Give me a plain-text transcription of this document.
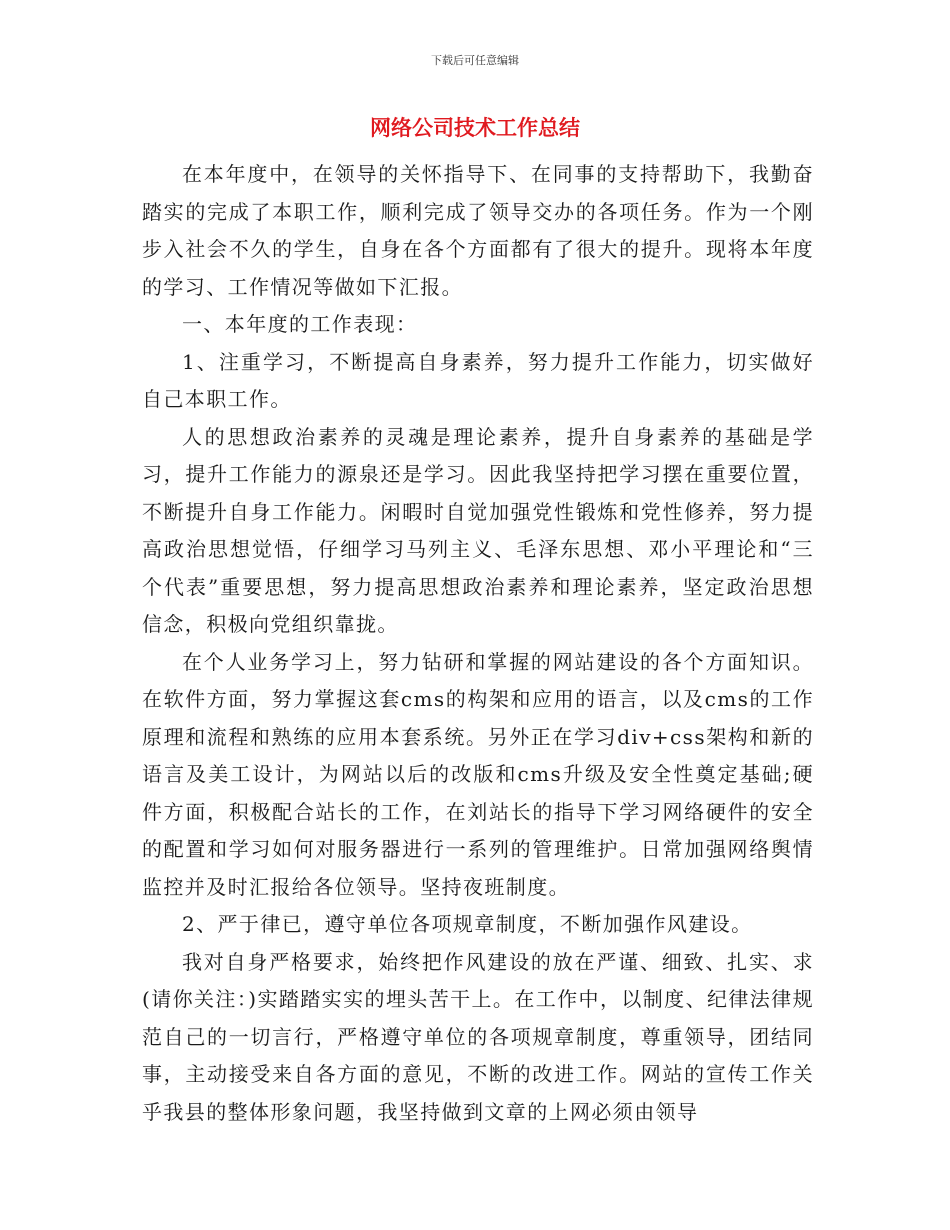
下载后可任意编辑
网络公司技术工作总结

在本年度中，在领导的关怀指导下、在同事的支持帮助下，我勤奋踏实的完成了本职工作，顺利完成了领导交办的各项任务。作为一个刚步入社会不久的学生，自身在各个方面都有了很大的提升。现将本年度的学习、工作情况等做如下汇报。

一、本年度的工作表现：

1、注重学习，不断提高自身素养，努力提升工作能力，切实做好自己本职工作。

人的思想政治素养的灵魂是理论素养，提升自身素养的基础是学习，提升工作能力的源泉还是学习。因此我坚持把学习摆在重要位置，不断提升自身工作能力。闲暇时自觉加强党性锻炼和党性修养，努力提高政治思想觉悟，仔细学习马列主义、毛泽东思想、邓小平理论和“三个代表”重要思想，努力提高思想政治素养和理论素养，坚定政治思想信念，积极向党组织靠拢。

在个人业务学习上，努力钻研和掌握的网站建设的各个方面知识。在软件方面，努力掌握这套cms的构架和应用的语言，以及cms的工作原理和流程和熟练的应用本套系统。另外正在学习div+css架构和新的语言及美工设计，为网站以后的改版和cms升级及安全性奠定基础;硬件方面，积极配合站长的工作，在刘站长的指导下学习网络硬件的安全的配置和学习如何对服务器进行一系列的管理维护。日常加强网络舆情监控并及时汇报给各位领导。坚持夜班制度。

2、严于律已，遵守单位各项规章制度，不断加强作风建设。

我对自身严格要求，始终把作风建设的放在严谨、细致、扎实、求(请你关注：)实踏踏实实的埋头苦干上。在工作中，以制度、纪律法律规范自己的一切言行，严格遵守单位的各项规章制度，尊重领导，团结同事，主动接受来自各方面的意见，不断的改进工作。网站的宣传工作关乎我县的整体形象问题，我坚持做到文章的上网必须由领导
